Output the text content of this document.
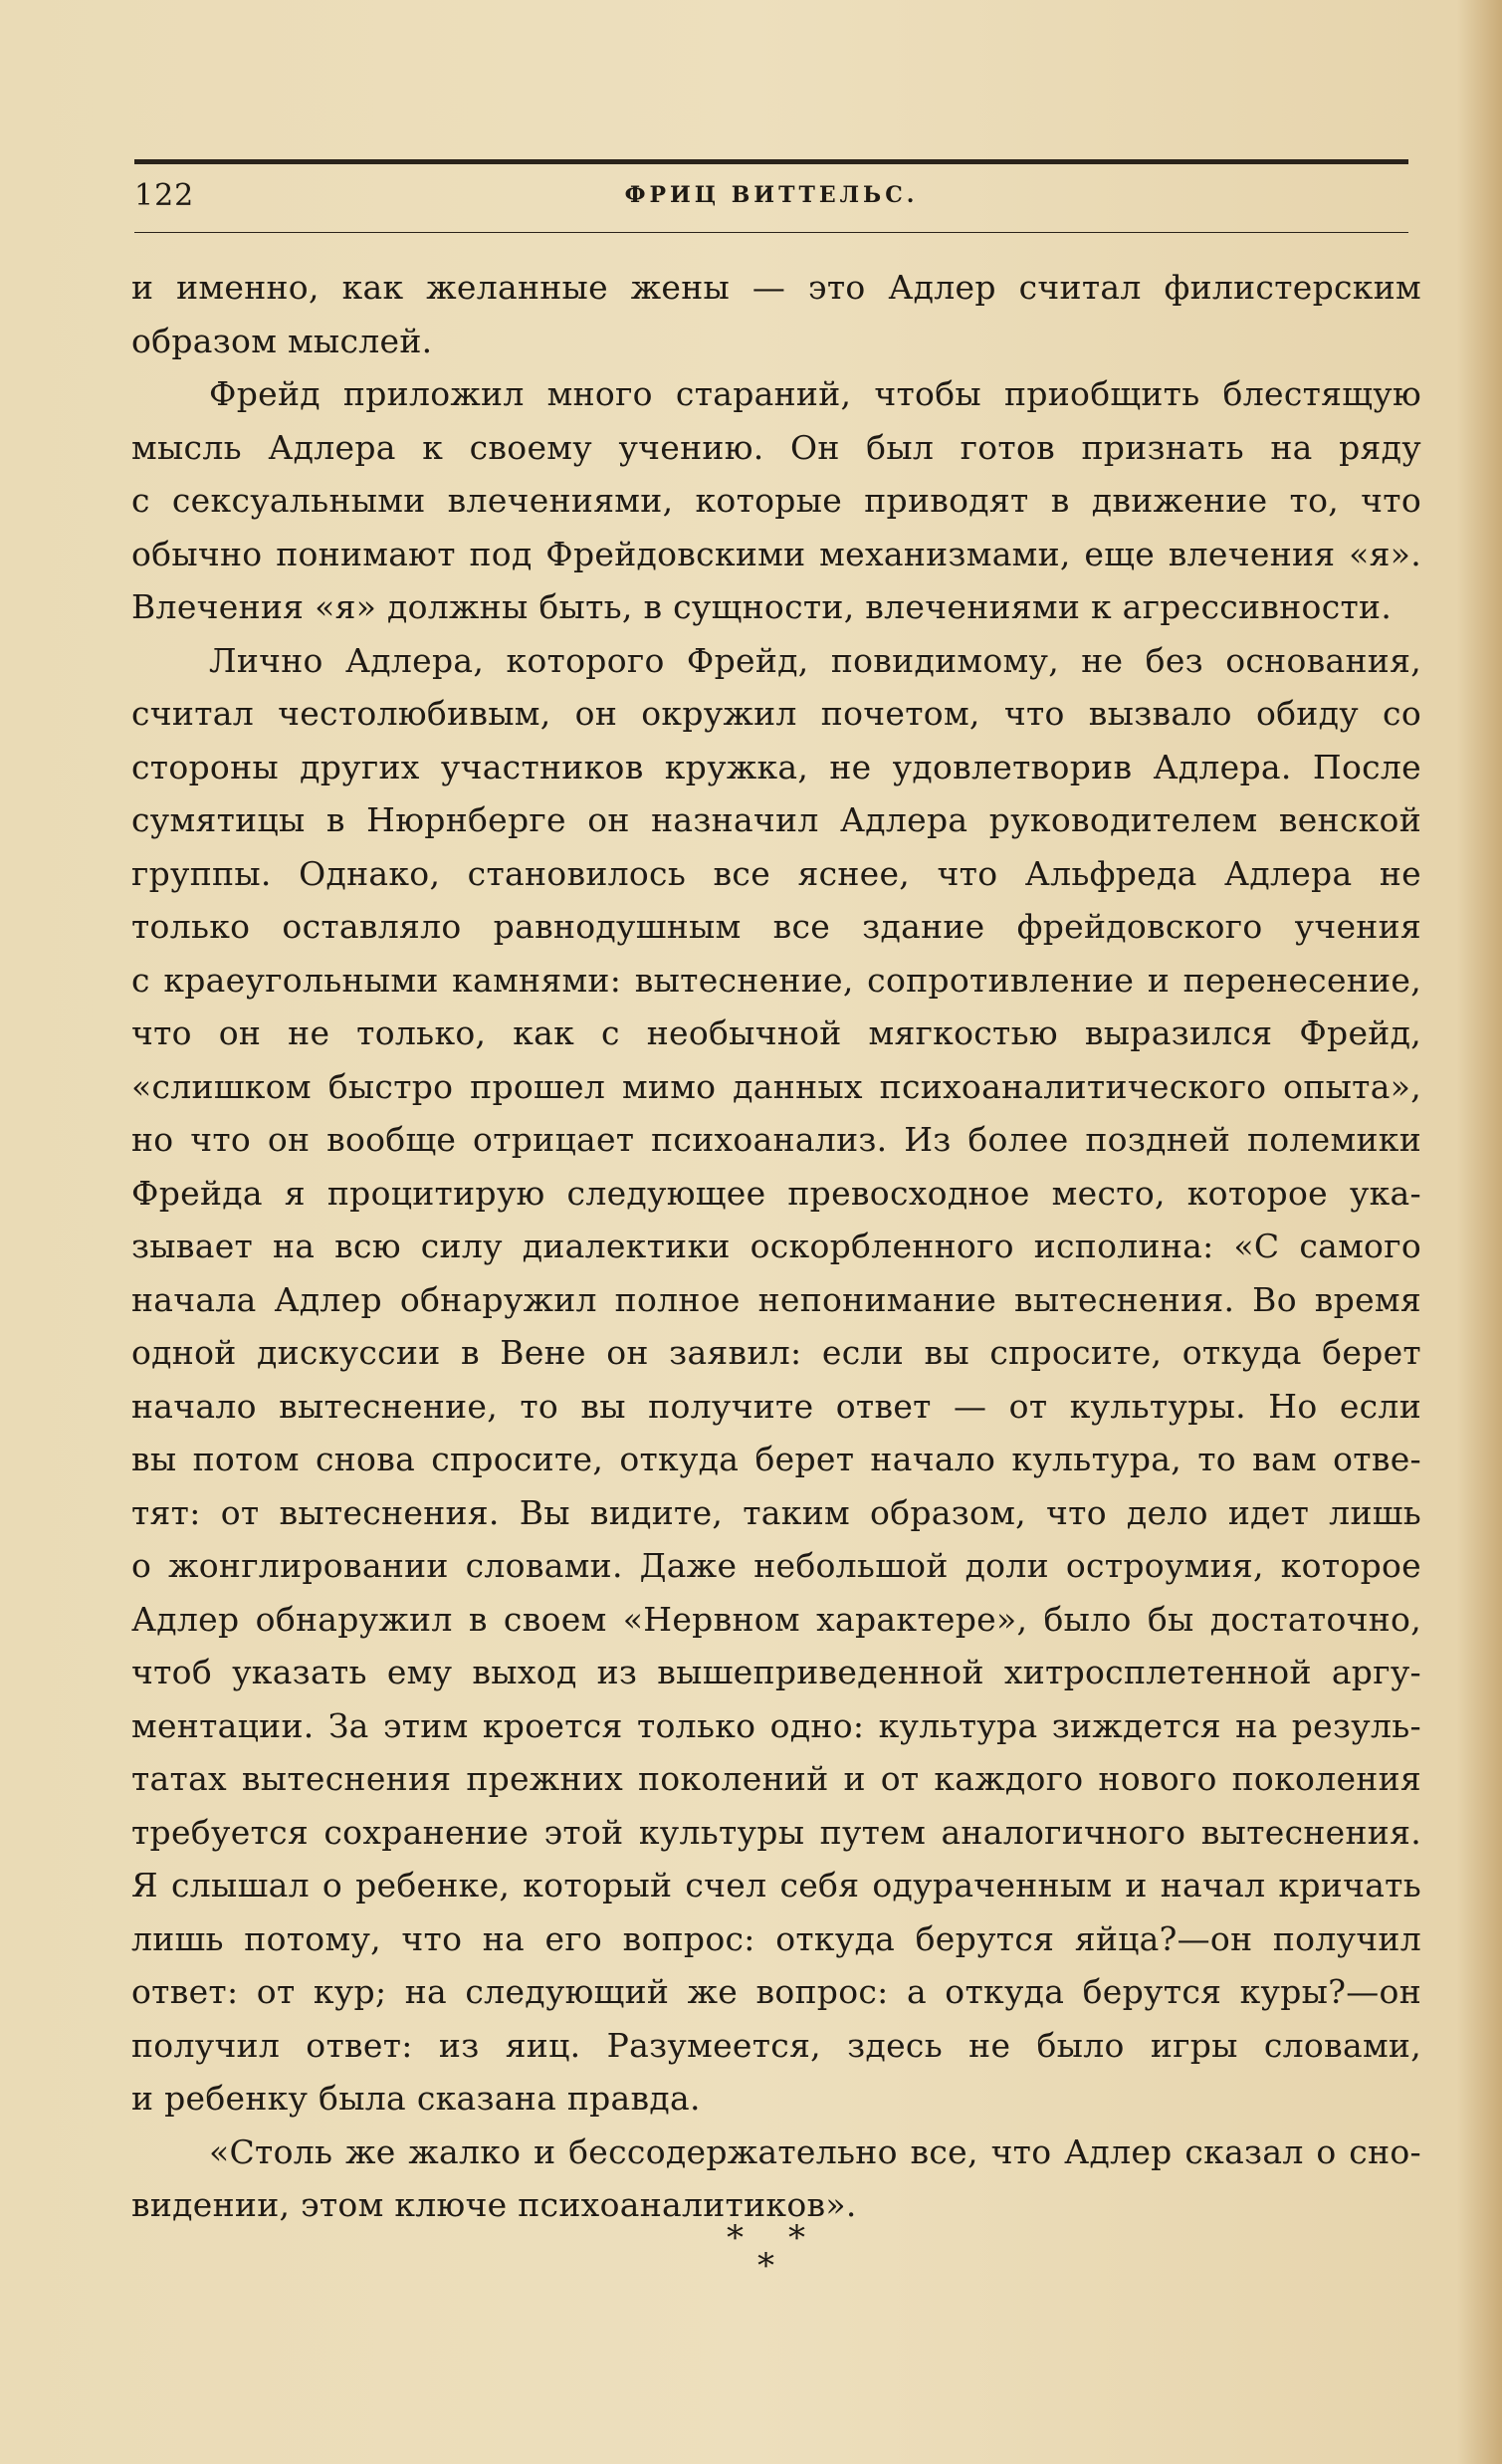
122	ФРИЦ ВИТТЕЛЬС.
и именно, как желанные жены — это Адлер считал филистерским
образом мыслей.
Фрейд приложил много стараний, чтобы приобщить блестящую
мысль Адлера к своему учению. Он был готов признать на ряду
с сексуальными влечениями, которые приводят в движение то, что
обычно понимают под Фрейдовскими механизмами, еще влечения «я».
Влечения «я» должны быть, в сущности, влечениями к агрессивности.
Лично Адлера, которого Фрейд, повидимому, не без основания,
считал честолюбивым, он окружил почетом, что вызвало обиду со
стороны других участников кружка, не удовлетворив Адлера. После
сумятицы в Нюрнберге он назначил Адлера руководителем венской
группы. Однако, становилось все яснее, что Альфреда Адлера не
только оставляло равнодушным все здание фрейдовского учения
с краеугольными камнями: вытеснение, сопротивление и перенесение,
что он не только, как с необычной мягкостью выразился Фрейд,
«слишком быстро прошел мимо данных психоаналитического опыта»,
но что он вообще отрицает психоанализ. Из более поздней полемики
Фрейда я процитирую следующее превосходное место, которое ука-
зывает на всю силу диалектики оскорбленного исполина: «С самого
начала Адлер обнаружил полное непонимание вытеснения. Во время
одной дискуссии в Вене он заявил: если вы спросите, откуда берет
начало вытеснение, то вы получите ответ — от культуры. Но если
вы потом снова спросите, откуда берет начало культура, то вам отве-
тят: от вытеснения. Вы видите, таким образом, что дело идет лишь
о жонглировании словами. Даже небольшой доли остроумия, которое
Адлер обнаружил в своем «Нервном характере», было бы достаточно,
чтоб указать ему выход из вышеприведенной хитросплетенной аргу-
ментации. За этим кроется только одно: культура зиждется на резуль-
татах вытеснения прежних поколений и от каждого нового поколения
требуется сохранение этой культуры путем аналогичного вытеснения.
Я слышал о ребенке, который счел себя одураченным и начал кричать
лишь потому, что на его вопрос: откуда берутся яйца?—он получил
ответ: от кур; на следующий же вопрос: а откуда берутся куры?—он
получил ответ: из яиц. Разумеется, здесь не было игры словами,
и ребенку была сказана правда.
«Столь же жалко и бессодержательно все, что Адлер сказал о сно-
видении, этом ключе психоаналитиков».
* *
*
